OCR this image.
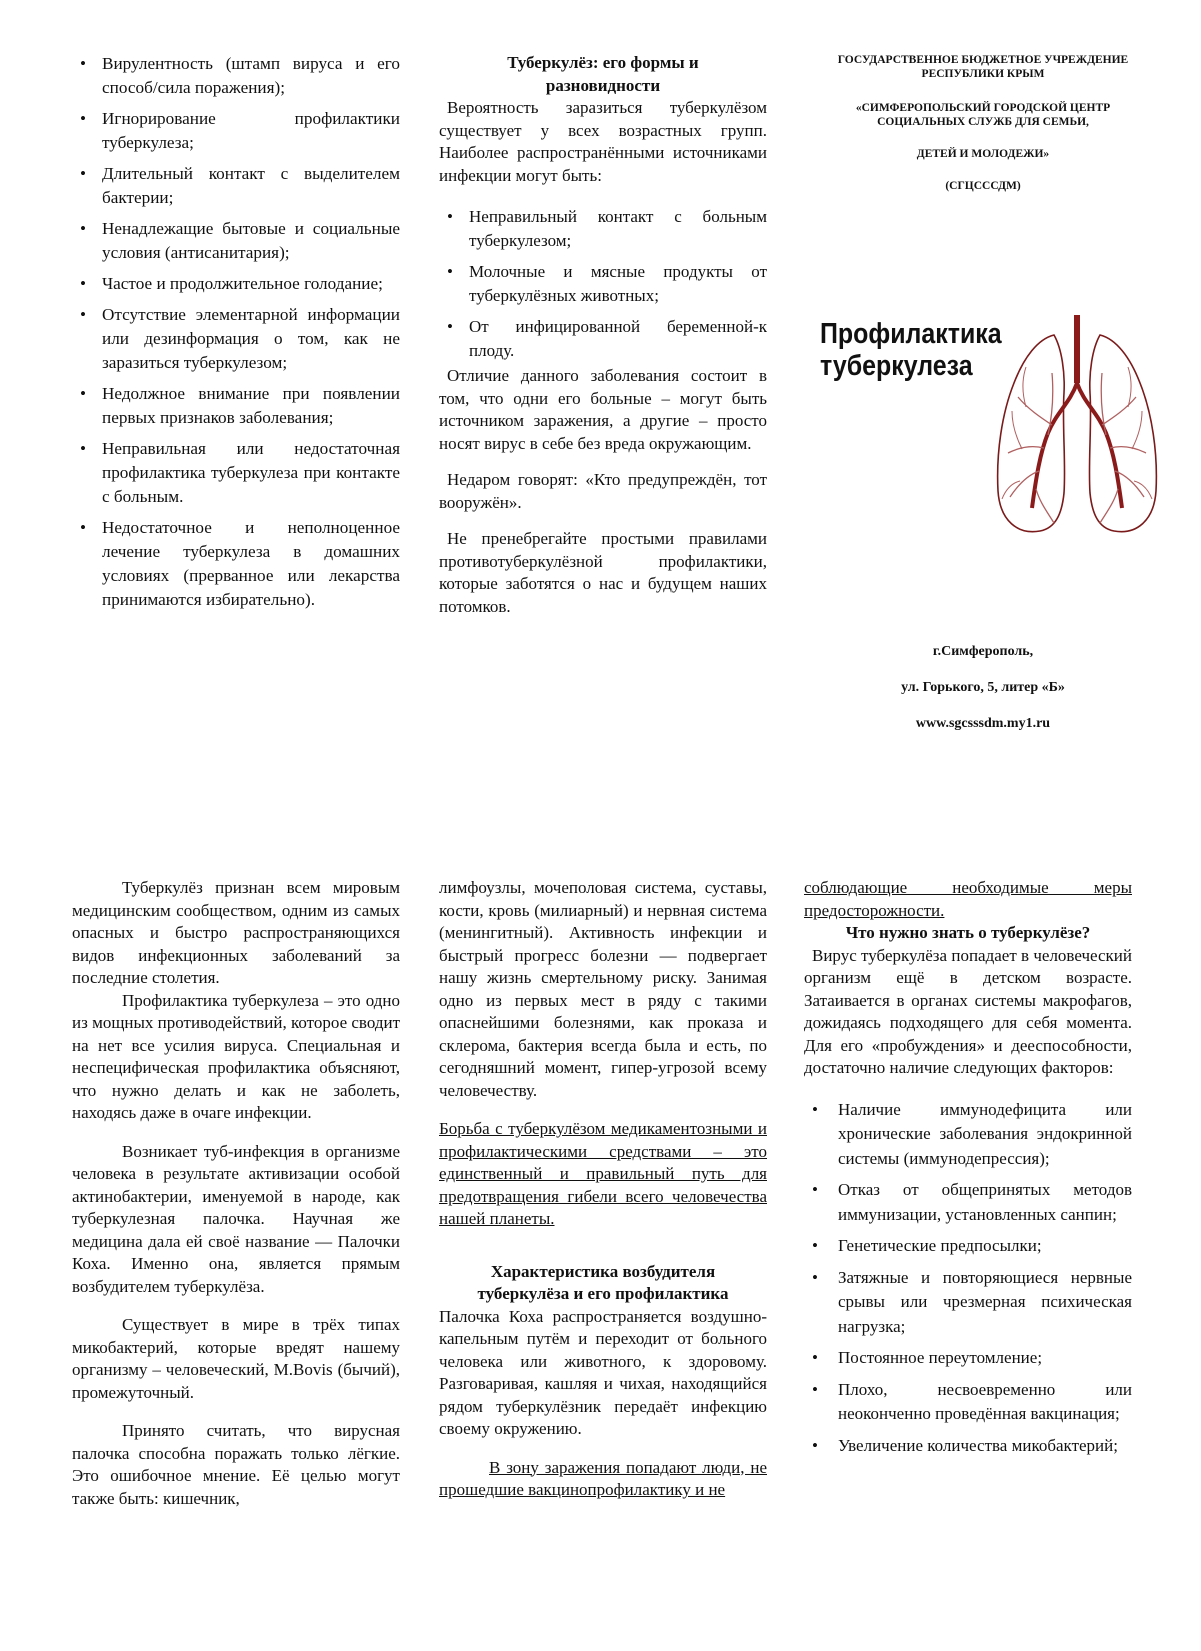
• Вирулентность (штамп вируса и его способ/сила поражения);
• Игнорирование профилактики туберкулеза;
• Длительный контакт с выделителем бактерии;
• Ненадлежащие бытовые и социальные условия (антисанитария);
• Частое и продолжительное голодание;
• Отсутствие элементарной информации или дезинформация о том, как не заразиться туберкулезом;
• Недолжное внимание при появлении первых признаков заболевания;
• Неправильная или недостаточная профилактика туберкулеза при контакте с больным.
• Недостаточное и неполноценное лечение туберкулеза в домашних условиях (прерванное или лекарства принимаются избирательно).

Туберкулёз: его формы и разновидности

Вероятность заразиться туберкулёзом существует у всех возрастных групп. Наиболее распространёнными источниками инфекции могут быть:

• Неправильный контакт с больным туберкулезом;
• Молочные и мясные продукты от туберкулёзных животных;
• От инфицированной беременной-к плоду.

Отличие данного заболевания состоит в том, что одни его больные – могут быть источником заражения, а другие – просто носят вирус в себе без вреда окружающим.

Недаром говорят: «Кто предупреждён, тот вооружён».

Не пренебрегайте простыми правилами противотуберкулёзной профилактики, которые заботятся о нас и будущем наших потомков.

ГОСУДАРСТВЕННОЕ БЮДЖЕТНОЕ УЧРЕЖДЕНИЕ
РЕСПУБЛИКИ КРЫМ
«СИМФЕРОПОЛЬСКИЙ ГОРОДСКОЙ ЦЕНТР
СОЦИАЛЬНЫХ СЛУЖБ ДЛЯ СЕМЬИ,
ДЕТЕЙ И МОЛОДЕЖИ»
(СГЦСССДМ)
Профилактика
туберкулеза
г.Симферополь,
ул. Горького, 5, литер «Б»
www.sgcsssdm.my1.ru

Туберкулёз признан всем мировым медицинским сообществом, одним из самых опасных и быстро распространяющихся видов инфекционных заболеваний за последние столетия.

Профилактика туберкулеза – это одно из мощных противодействий, которое сводит на нет все усилия вируса. Специальная и неспецифическая профилактика объясняют, что нужно делать и как не заболеть, находясь даже в очаге инфекции.

Возникает туб-инфекция в организме человека в результате активизации особой актинобактерии, именуемой в народе, как туберкулезная палочка. Научная же медицина дала ей своё название — Палочки Коха. Именно она, является прямым возбудителем туберкулёза.

Существует в мире в трёх типах микобактерий, которые вредят нашему организму – человеческий, M.Bovis (бычий), промежуточный.

Принято считать, что вирусная палочка способна поражать только лёгкие. Это ошибочное мнение. Её целью могут также быть: кишечник,

лимфоузлы, мочеполовая система, суставы, кости, кровь (милиарный) и нервная система (менингитный). Активность инфекции и быстрый прогресс болезни — подвергает нашу жизнь смертельному риску. Занимая одно из первых мест в ряду с такими опаснейшими болезнями, как проказа и склерома, бактерия всегда была и есть, по сегодняшний момент, гипер-угрозой всему человечеству.

Борьба с туберкулёзом медикаментозными и профилактическими средствами – это единственный и правильный путь для предотвращения гибели всего человечества нашей планеты.

Характеристика возбудителя туберкулёза и его профилактика

Палочка Коха распространяется воздушно-капельным путём и переходит от больного человека или животного, к здоровому. Разговаривая, кашляя и чихая, находящийся рядом туберкулёзник передаёт инфекцию своему окружению.

В зону заражения попадают люди, не прошедшие вакцинопрофилактику и не

соблюдающие необходимые меры предосторожности.

Что нужно знать о туберкулёзе?

Вирус туберкулёза попадает в человеческий организм ещё в детском возрасте. Затаивается в органах системы макрофагов, дожидаясь подходящего для себя момента. Для его «пробуждения» и дееспособности, достаточно наличие следующих факторов:

• Наличие иммунодефицита или хронические заболевания эндокринной системы (иммунодепрессия);
• Отказ от общепринятых методов иммунизации, установленных санпин;
• Генетические предпосылки;
• Затяжные и повторяющиеся нервные срывы или чрезмерная психическая нагрузка;
• Постоянное переутомление;
• Плохо, несвоевременно или неоконченно проведённая вакцинация;
• Увеличение количества микобактерий;
